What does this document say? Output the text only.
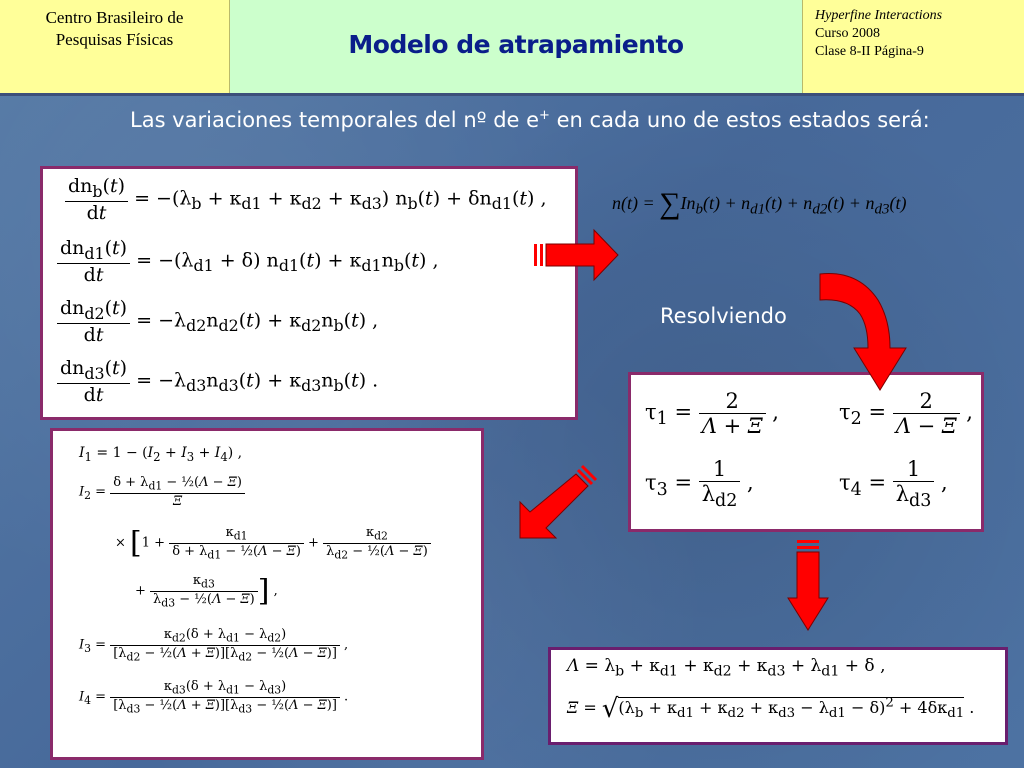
Centro Brasileiro de
Pesquisas Físicas	Modelo de atrapamiento
Hyperfine Interactions
Curso 2008
Clase 8-II Página-9
Las variaciones temporales del nº de e+ en cada uno de estos estados será:
$\frac{dn_b(t)}{dt} = -(\lambda_b + \kappa_{d1} + \kappa_{d2} + \kappa_{d3}) n_b(t) + \delta n_{d1}(t)$ ,
$\frac{dn_{d1}(t)}{dt} = -(\lambda_{d1} + \delta) n_{d1}(t) + \kappa_{d1}n_b(t)$ ,
$\frac{dn_{d2}(t)}{dt} = -\lambda_{d2}n_{d2}(t) + \kappa_{d2}n_b(t)$ ,
$\frac{dn_{d3}(t)}{dt} = -\lambda_{d3}n_{d3}(t) + \kappa_{d3}n_b(t)$ .
$n(t) = \sum In_b(t) + n_{d1}(t) + n_{d2}(t) + n_{d3}(t)$
Resolviendo
$\tau_1 = \frac{2}{\Lambda + \Xi}$ ,	$\tau_2 = \frac{2}{\Lambda - \Xi}$ ,
$\tau_3 = \frac{1}{\lambda_{d2}}$ ,	$\tau_4 = \frac{1}{\lambda_{d3}}$ ,
$I_1 = 1 - (I_2 + I_3 + I_4)$ ,
$I_2 = \frac{\delta + \lambda_{d1} - \frac{1}{2}(\Lambda - \Xi)}{\Xi}$
× [$1 + \frac{\kappa_{d1}}{\delta + \lambda_{d1} - \frac{1}{2}(\Lambda - \Xi)} + \frac{\kappa_{d2}}{\lambda_{d2} - \frac{1}{2}(\Lambda - \Xi)}$
+ $\frac{\kappa_{d3}}{\lambda_{d3} - \frac{1}{2}(\Lambda - \Xi)}$ ] ,
$I_3 = \frac{\kappa_{d2}(\delta + \lambda_{d1} - \lambda_{d2})}{[\lambda_{d2} - \frac{1}{2}(\Lambda + \Xi)][\lambda_{d2} - \frac{1}{2}(\Lambda - \Xi)]}$ ,
$I_4 = \frac{\kappa_{d3}(\delta + \lambda_{d1} - \lambda_{d3})}{[\lambda_{d3} - \frac{1}{2}(\Lambda + \Xi)][\lambda_{d3} - \frac{1}{2}(\Lambda - \Xi)]}$ .
$\Lambda = \lambda_b + \kappa_{d1} + \kappa_{d2} + \kappa_{d3} + \lambda_{d1} + \delta$ ,
$\Xi = √(\lambda_b + \kappa_{d1} + \kappa_{d2} + \kappa_{d3} - \lambda_{d1} - \delta)^2 + 4\delta\kappa_{d1}$ .
